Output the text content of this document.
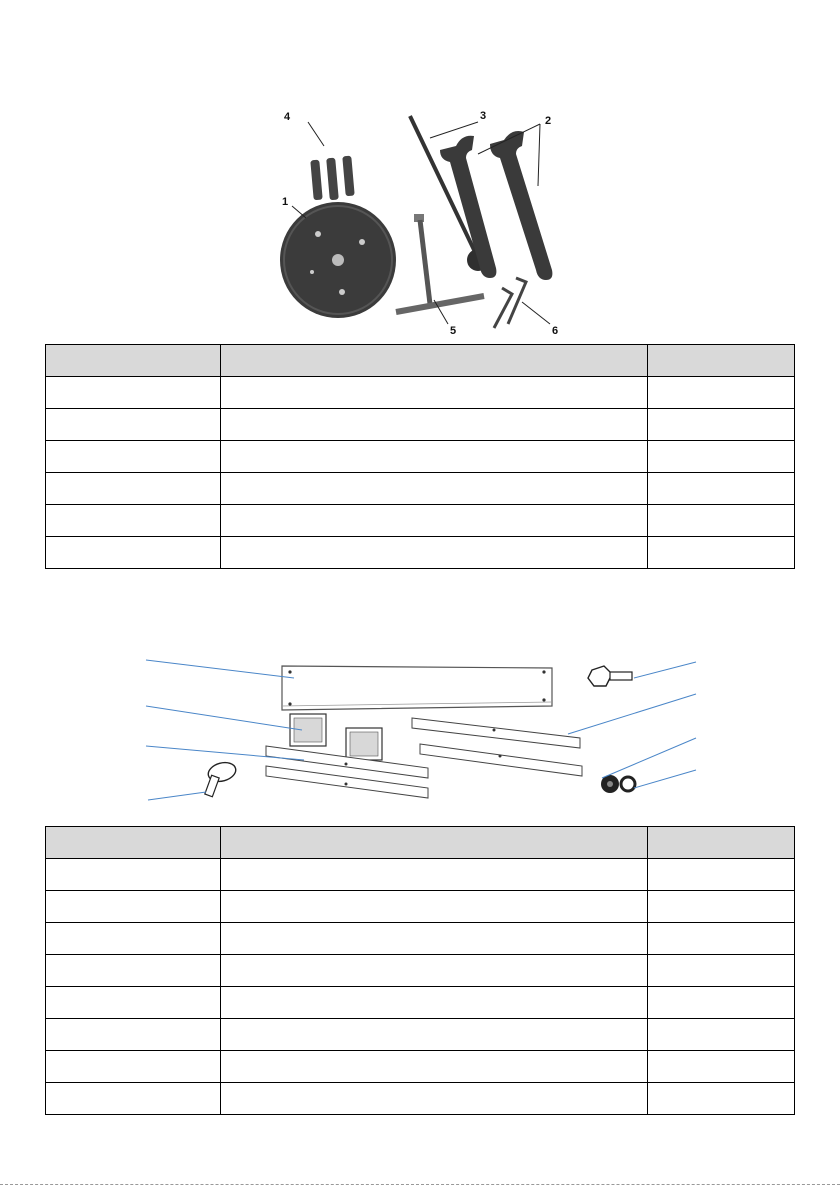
4
1
3	2
5	6
